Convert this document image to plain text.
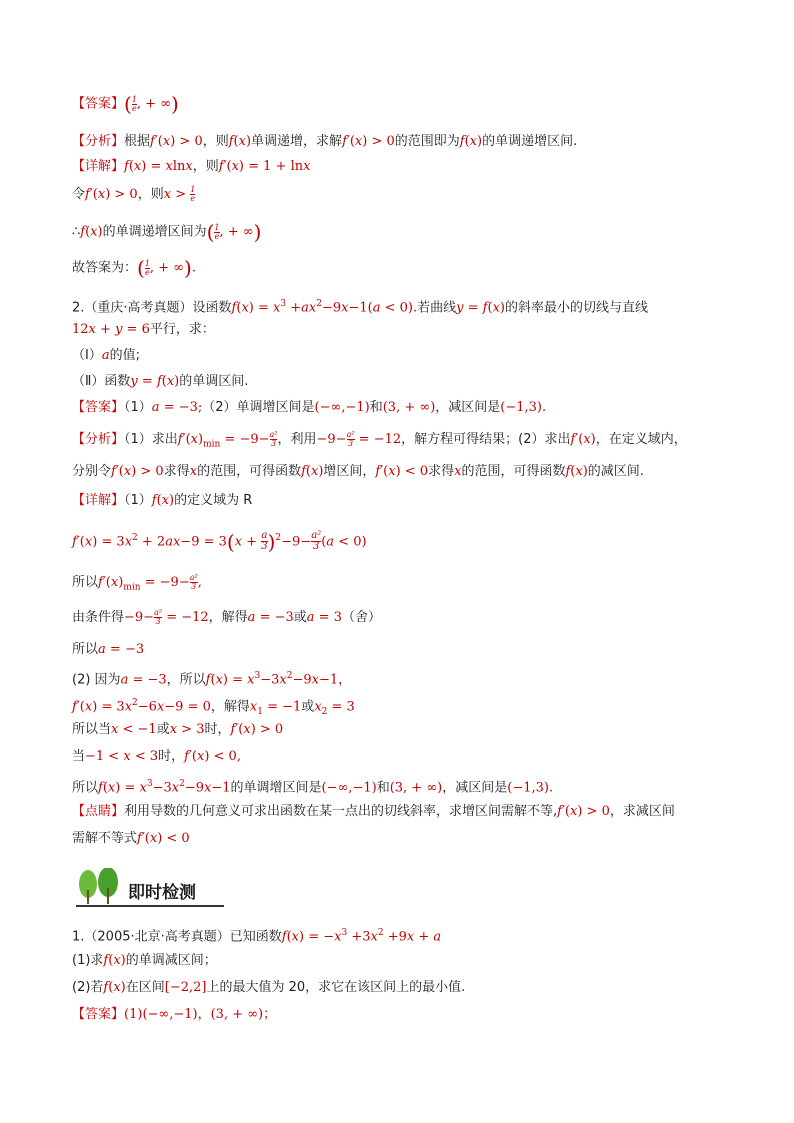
【答案】( $\frac{1}{e}$ , + ∞)
【分析】根据f′(x) > 0，则f(x)单调递增，求解f′(x) > 0的范围即为f(x)的单调递增区间.
【详解】f(x) = xlnx，则f′(x) = 1 + lnx
令f′(x) > 0，则$x > \frac{1}{e}$
∴f(x)的单调递增区间为( $\frac{1}{e}$ , + ∞)
故答案为：( $\frac{1}{e}$ , + ∞).
2.（重庆·高考真题）设函数$f(x) = x^3 +ax^2-9x-1(a < 0)$.若曲线y = f(x)的斜率最小的切线与直线
12x + y = 6平行，求：
（Ⅰ）a的值;
（Ⅱ）函数y = f(x)的单调区间.
【答案】（1）a = −3;（2）单调增区间是(−∞,−1)和(3, + ∞)，减区间是(−1,3).
【分析】（1）求出$f'(x)_{min} = -9- \frac{\text{a²}}{3}$ ，利用$-9- \frac{\text{a²}}{3} = -12$，解方程可得结果；(2）求出f′(x)，在定义域内，
分别令f′(x) > 0求得x的范围，可得函数f(x)增区间，f′(x) < 0求得x的范围，可得函数f(x)的减区间.
【详解】（1）f(x)的定义域为 R
$f'(x) = 3x^2 + 2ax-9 = 3(x + \frac{a}{3} )^2-9- \frac{\text{a²}}{3} (a < 0)$
所以$f'(x)_{min} = -9- \frac{\text{a²}}{3}$ ,
由条件得$-9- \frac{\text{a²}}{3} = -12$，解得a = −3或a = 3（舍）
所以a = −3
(2) 因为a = −3，所以$f(x) = x^3-3x^2-9x-1$，
$f'(x) = 3x^2-6x-9 = 0$，解得$x_1 = -1$或$x_2 = 3$
所以当x < −1或x > 3时，f′(x) > 0
当−1 < x < 3时，f′(x) < 0,
所以$f(x) = x^3-3x^2-9x-1$的单调增区间是(−∞,−1)和(3, + ∞)，减区间是(−1,3).
【点睛】利用导数的几何意义可求出函数在某一点出的切线斜率，求增区间需解不等,f′(x) > 0，求减区间
需解不等式f′(x) < 0
即时检测
1.（2005·北京·高考真题）已知函数$f(x) = -x^3 +3x^2 +9x + a$
(1)求f(x)的单调减区间；
(2)若f(x)在区间[−2,2]上的最大值为 20，求它在该区间上的最小值.
【答案】(1)(−∞,−1)，(3, + ∞)；
